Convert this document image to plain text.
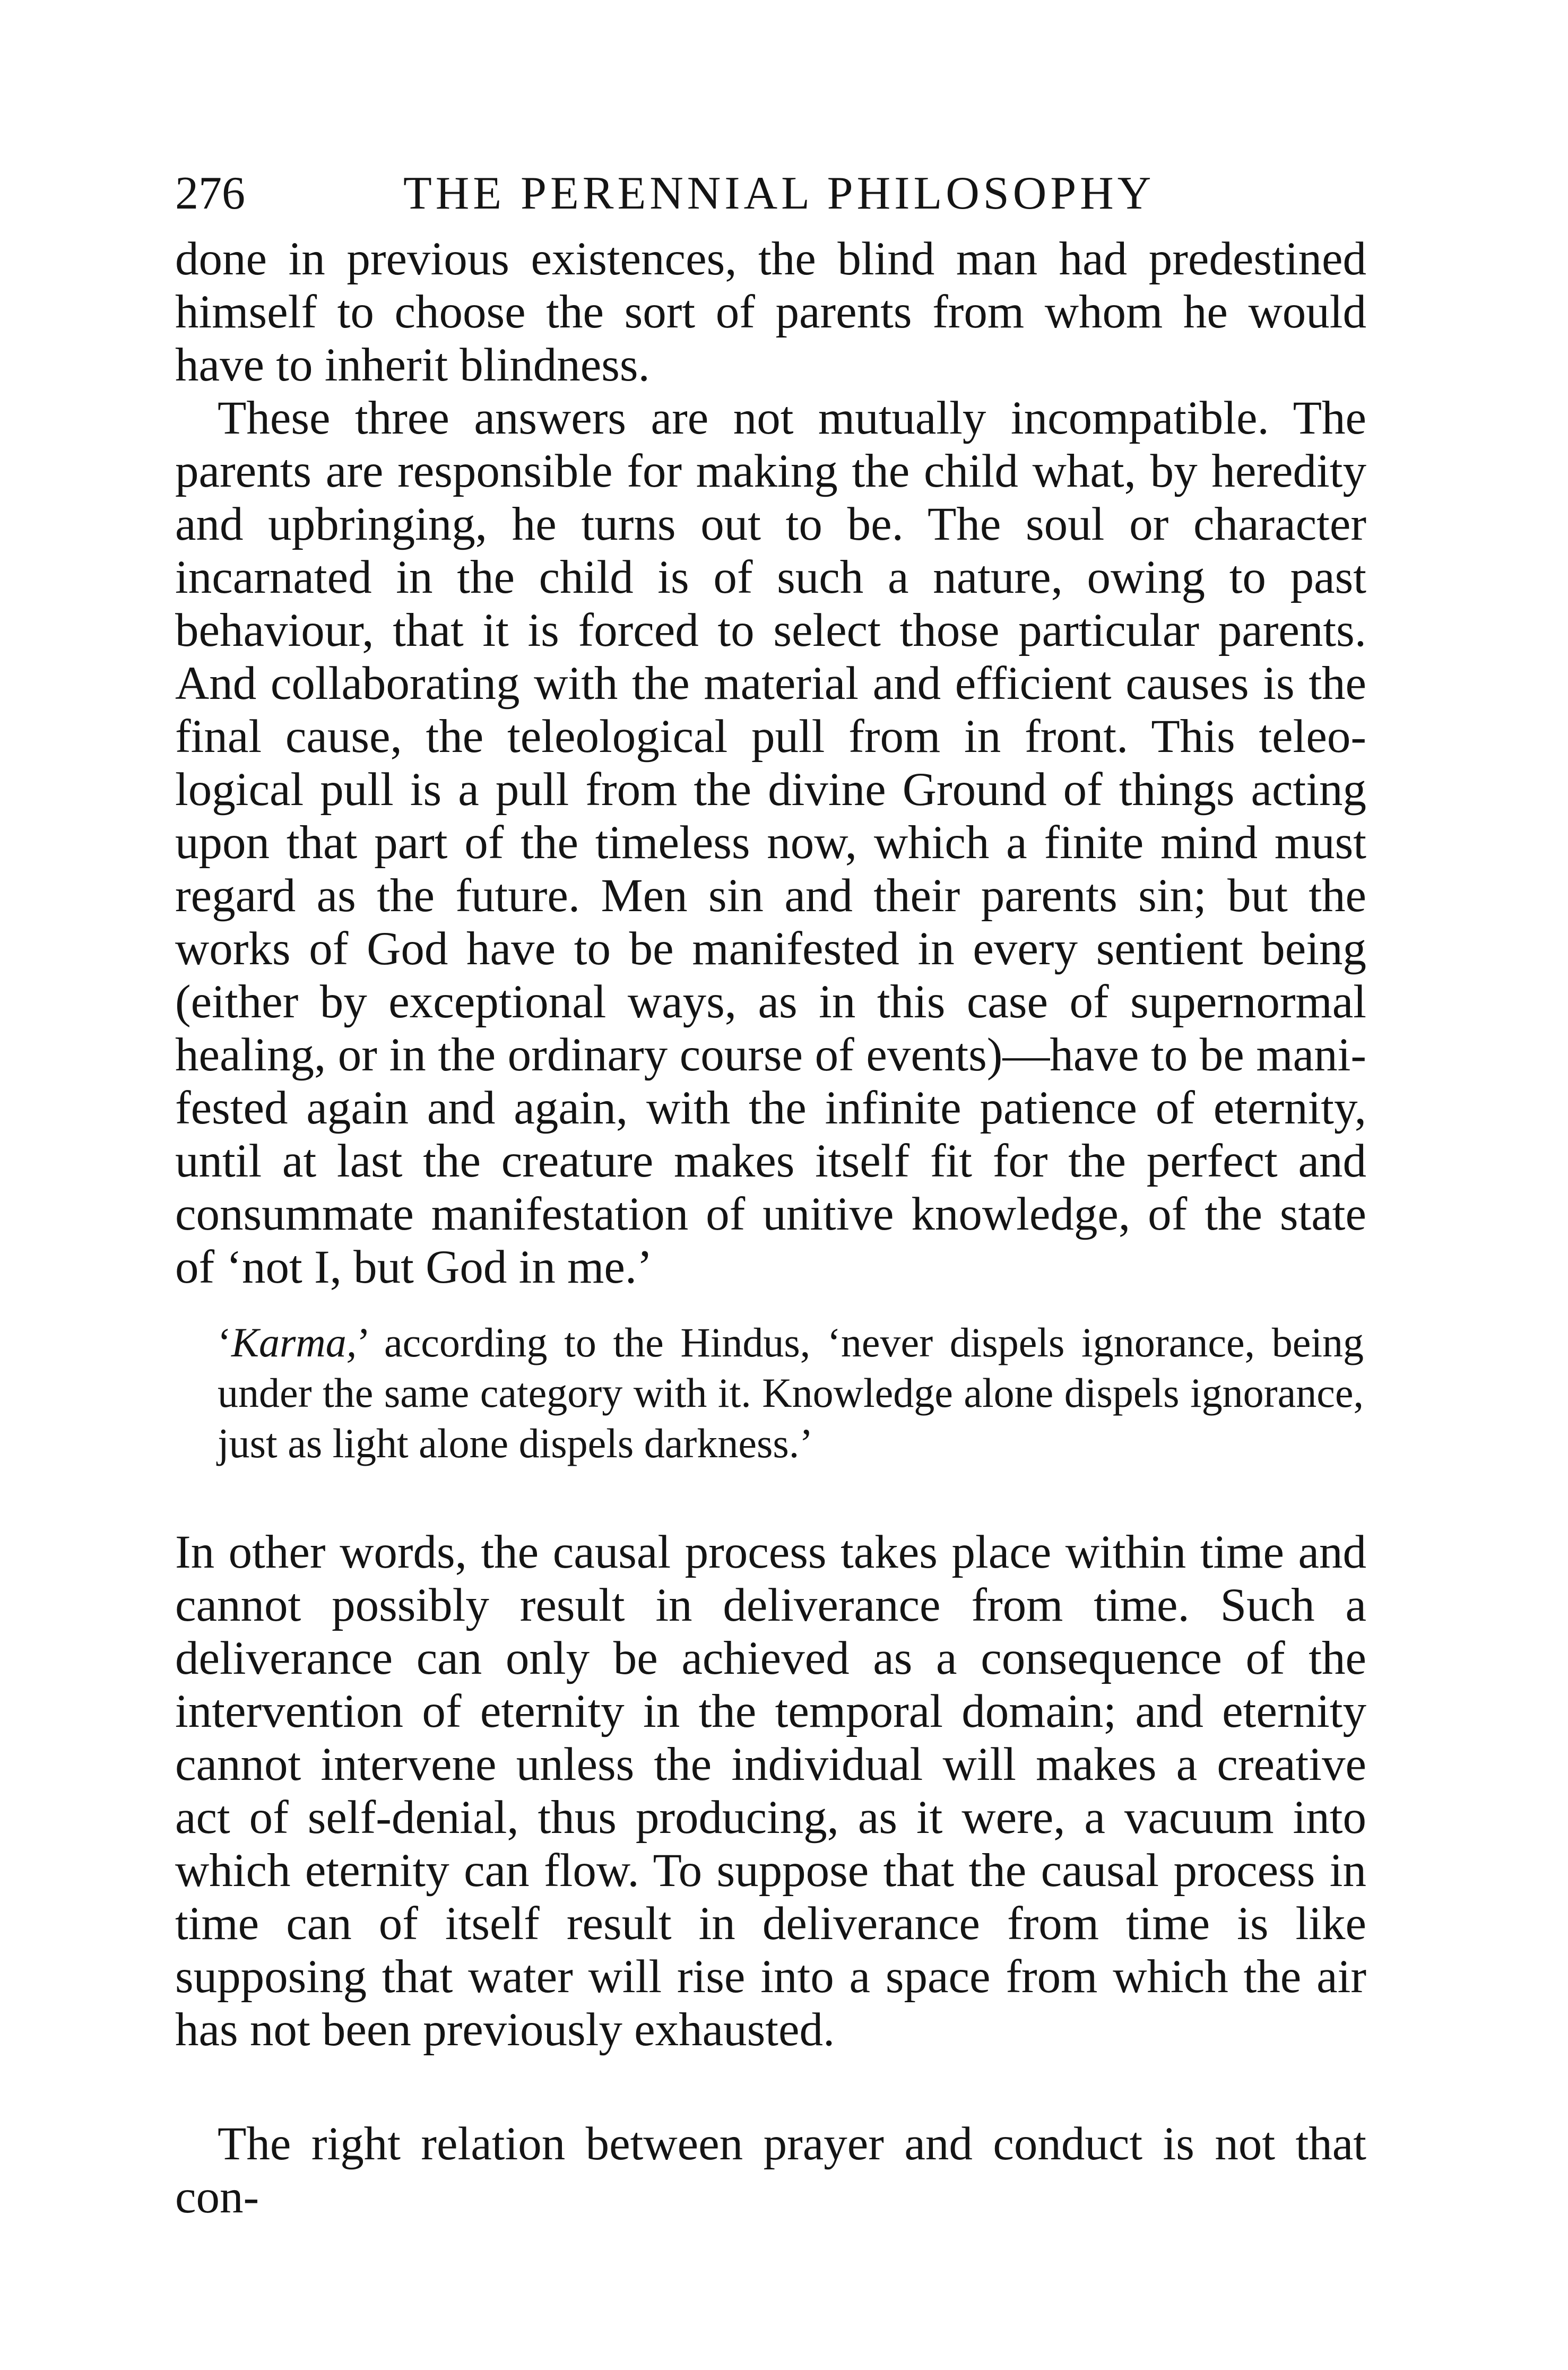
276	THE PERENNIAL PHILOSOPHY

done in previous existences, the blind man had predestined himself to choose the sort of parents from whom he would have to inherit blindness.

These three answers are not mutually incompatible. The parents are responsible for making the child what, by heredity and upbringing, he turns out to be. The soul or character incarnated in the child is of such a nature, owing to past behaviour, that it is forced to select those particular parents. And collaborating with the material and efficient causes is the final cause, the teleological pull from in front. This teleological pull is a pull from the divine Ground of things acting upon that part of the timeless now, which a finite mind must regard as the future. Men sin and their parents sin; but the works of God have to be manifested in every sentient being (either by exceptional ways, as in this case of supernormal healing, or in the ordinary course of events)—have to be manifested again and again, with the infinite patience of eternity, until at last the creature makes itself fit for the perfect and consummate manifestation of unitive knowledge, of the state of ‘not I, but God in me.’

‘Karma,’ according to the Hindus, ‘never dispels ignorance, being under the same category with it. Knowledge alone dispels ignorance, just as light alone dispels darkness.’

In other words, the causal process takes place within time and cannot possibly result in deliverance from time. Such a deliverance can only be achieved as a consequence of the intervention of eternity in the temporal domain; and eternity cannot intervene unless the individual will makes a creative act of self-denial, thus producing, as it were, a vacuum into which eternity can flow. To suppose that the causal process in time can of itself result in deliverance from time is like supposing that water will rise into a space from which the air has not been previously exhausted.

The right relation between prayer and conduct is not that con-
